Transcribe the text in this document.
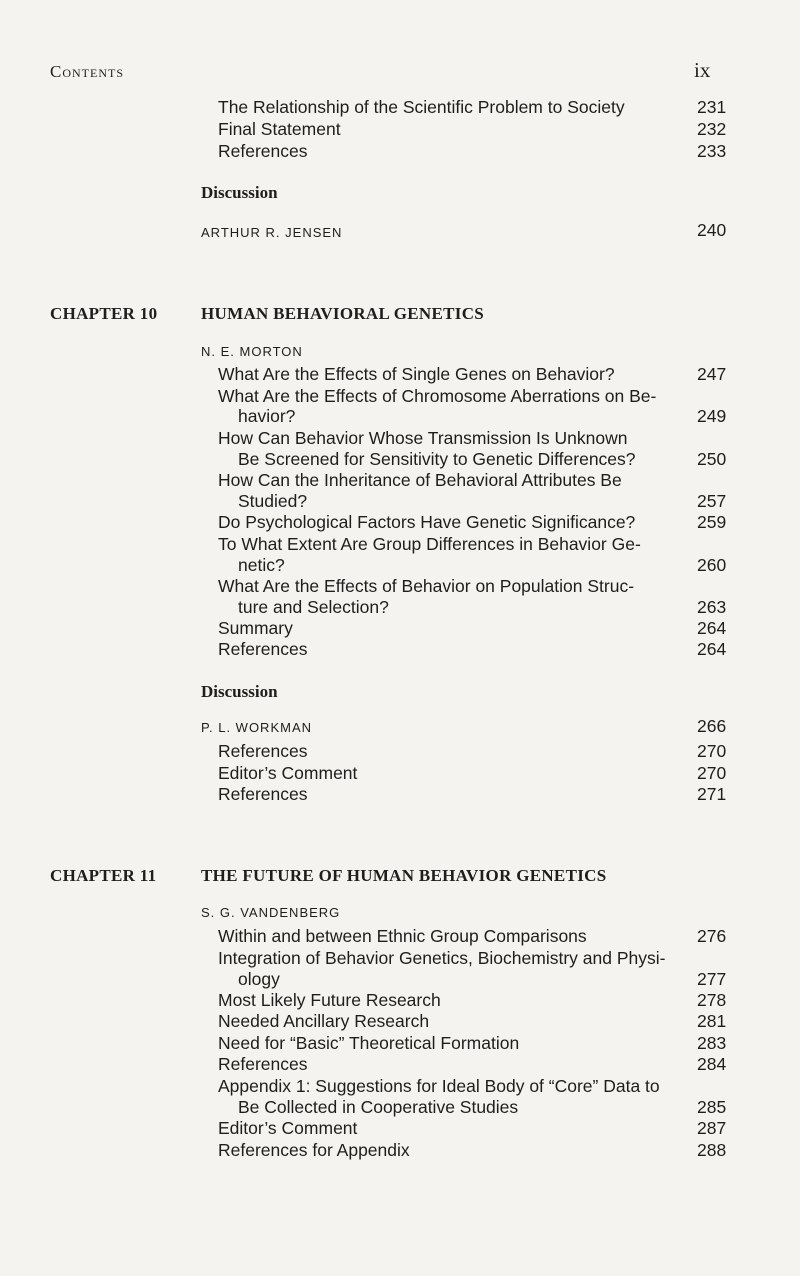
Contents	ix
The Relationship of the Scientific Problem to Society	231
Final Statement	232
References	233
Discussion
ARTHUR R. JENSEN	240
CHAPTER 10	HUMAN BEHAVIORAL GENETICS
N. E. MORTON
What Are the Effects of Single Genes on Behavior?	247
What Are the Effects of Chromosome Aberrations on Be-
havior?	249
How Can Behavior Whose Transmission Is Unknown
Be Screened for Sensitivity to Genetic Differences?	250
How Can the Inheritance of Behavioral Attributes Be
Studied?	257
Do Psychological Factors Have Genetic Significance?	259
To What Extent Are Group Differences in Behavior Ge-
netic?	260
What Are the Effects of Behavior on Population Struc-
ture and Selection?	263
Summary	264
References	264
Discussion
P. L. WORKMAN	266
References	270
Editor’s Comment	270
References	271
CHAPTER 11	THE FUTURE OF HUMAN BEHAVIOR GENETICS
S. G. VANDENBERG
Within and between Ethnic Group Comparisons	276
Integration of Behavior Genetics, Biochemistry and Physi-
ology	277
Most Likely Future Research	278
Needed Ancillary Research	281
Need for “Basic” Theoretical Formation	283
References	284
Appendix 1: Suggestions for Ideal Body of “Core” Data to
Be Collected in Cooperative Studies	285
Editor’s Comment	287
References for Appendix	288
